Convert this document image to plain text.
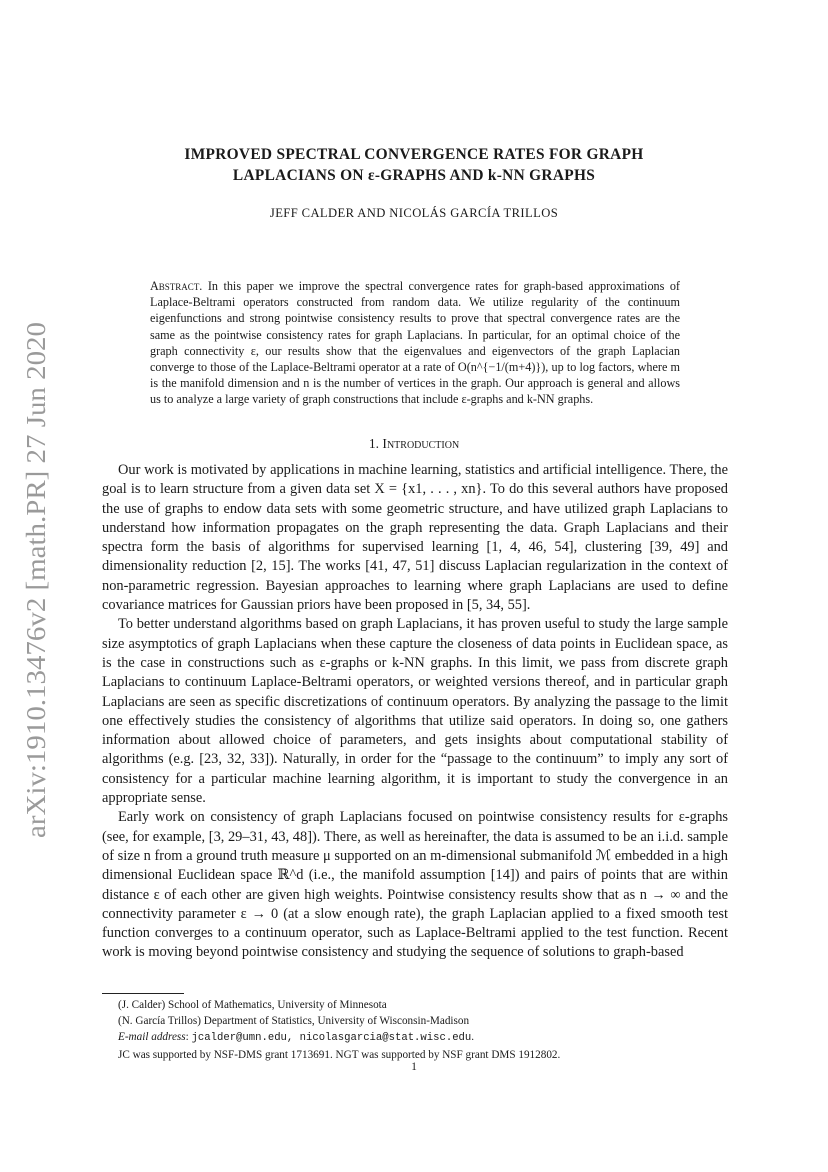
arXiv:1910.13476v2 [math.PR] 27 Jun 2020
IMPROVED SPECTRAL CONVERGENCE RATES FOR GRAPH
LAPLACIANS ON ε-GRAPHS AND k-NN GRAPHS
JEFF CALDER AND NICOLÁS GARCÍA TRILLOS

Abstract. In this paper we improve the spectral convergence rates for graph-based approximations of Laplace-Beltrami operators constructed from random data. We utilize regularity of the continuum eigenfunctions and strong pointwise consistency results to prove that spectral convergence rates are the same as the pointwise consistency rates for graph Laplacians. In particular, for an optimal choice of the graph connectivity ε, our results show that the eigenvalues and eigenvectors of the graph Laplacian converge to those of the Laplace-Beltrami operator at a rate of O(n^{−1/(m+4)}), up to log factors, where m is the manifold dimension and n is the number of vertices in the graph. Our approach is general and allows us to analyze a large variety of graph constructions that include ε-graphs and k-NN graphs.

1. Introduction

Our work is motivated by applications in machine learning, statistics and artificial intelligence. There, the goal is to learn structure from a given data set X = {x1, . . . , xn}. To do this several authors have proposed the use of graphs to endow data sets with some geometric structure, and have utilized graph Laplacians to understand how information propagates on the graph representing the data. Graph Laplacians and their spectra form the basis of algorithms for supervised learning [1, 4, 46, 54], clustering [39, 49] and dimensionality reduction [2, 15]. The works [41, 47, 51] discuss Laplacian regularization in the context of non-parametric regression. Bayesian approaches to learning where graph Laplacians are used to define covariance matrices for Gaussian priors have been proposed in [5, 34, 55].

To better understand algorithms based on graph Laplacians, it has proven useful to study the large sample size asymptotics of graph Laplacians when these capture the closeness of data points in Euclidean space, as is the case in constructions such as ε-graphs or k-NN graphs. In this limit, we pass from discrete graph Laplacians to continuum Laplace-Beltrami operators, or weighted versions thereof, and in particular graph Laplacians are seen as specific discretizations of continuum operators. By analyzing the passage to the limit one effectively studies the consistency of algorithms that utilize said operators. In doing so, one gathers information about allowed choice of parameters, and gets insights about computational stability of algorithms (e.g. [23, 32, 33]). Naturally, in order for the “passage to the continuum” to imply any sort of consistency for a particular machine learning algorithm, it is important to study the convergence in an appropriate sense.

Early work on consistency of graph Laplacians focused on pointwise consistency results for ε-graphs (see, for example, [3, 29–31, 43, 48]). There, as well as hereinafter, the data is assumed to be an i.i.d. sample of size n from a ground truth measure μ supported on an m-dimensional submanifold ℳ embedded in a high dimensional Euclidean space ℝ^d (i.e., the manifold assumption [14]) and pairs of points that are within distance ε of each other are given high weights. Pointwise consistency results show that as n → ∞ and the connectivity parameter ε → 0 (at a slow enough rate), the graph Laplacian applied to a fixed smooth test function converges to a continuum operator, such as Laplace-Beltrami applied to the test function. Recent work is moving beyond pointwise consistency and studying the sequence of solutions to graph-based

(J. Calder) School of Mathematics, University of Minnesota
(N. García Trillos) Department of Statistics, University of Wisconsin-Madison
E-mail address: jcalder@umn.edu, nicolasgarcia@stat.wisc.edu.
JC was supported by NSF-DMS grant 1713691. NGT was supported by NSF grant DMS 1912802.
1
